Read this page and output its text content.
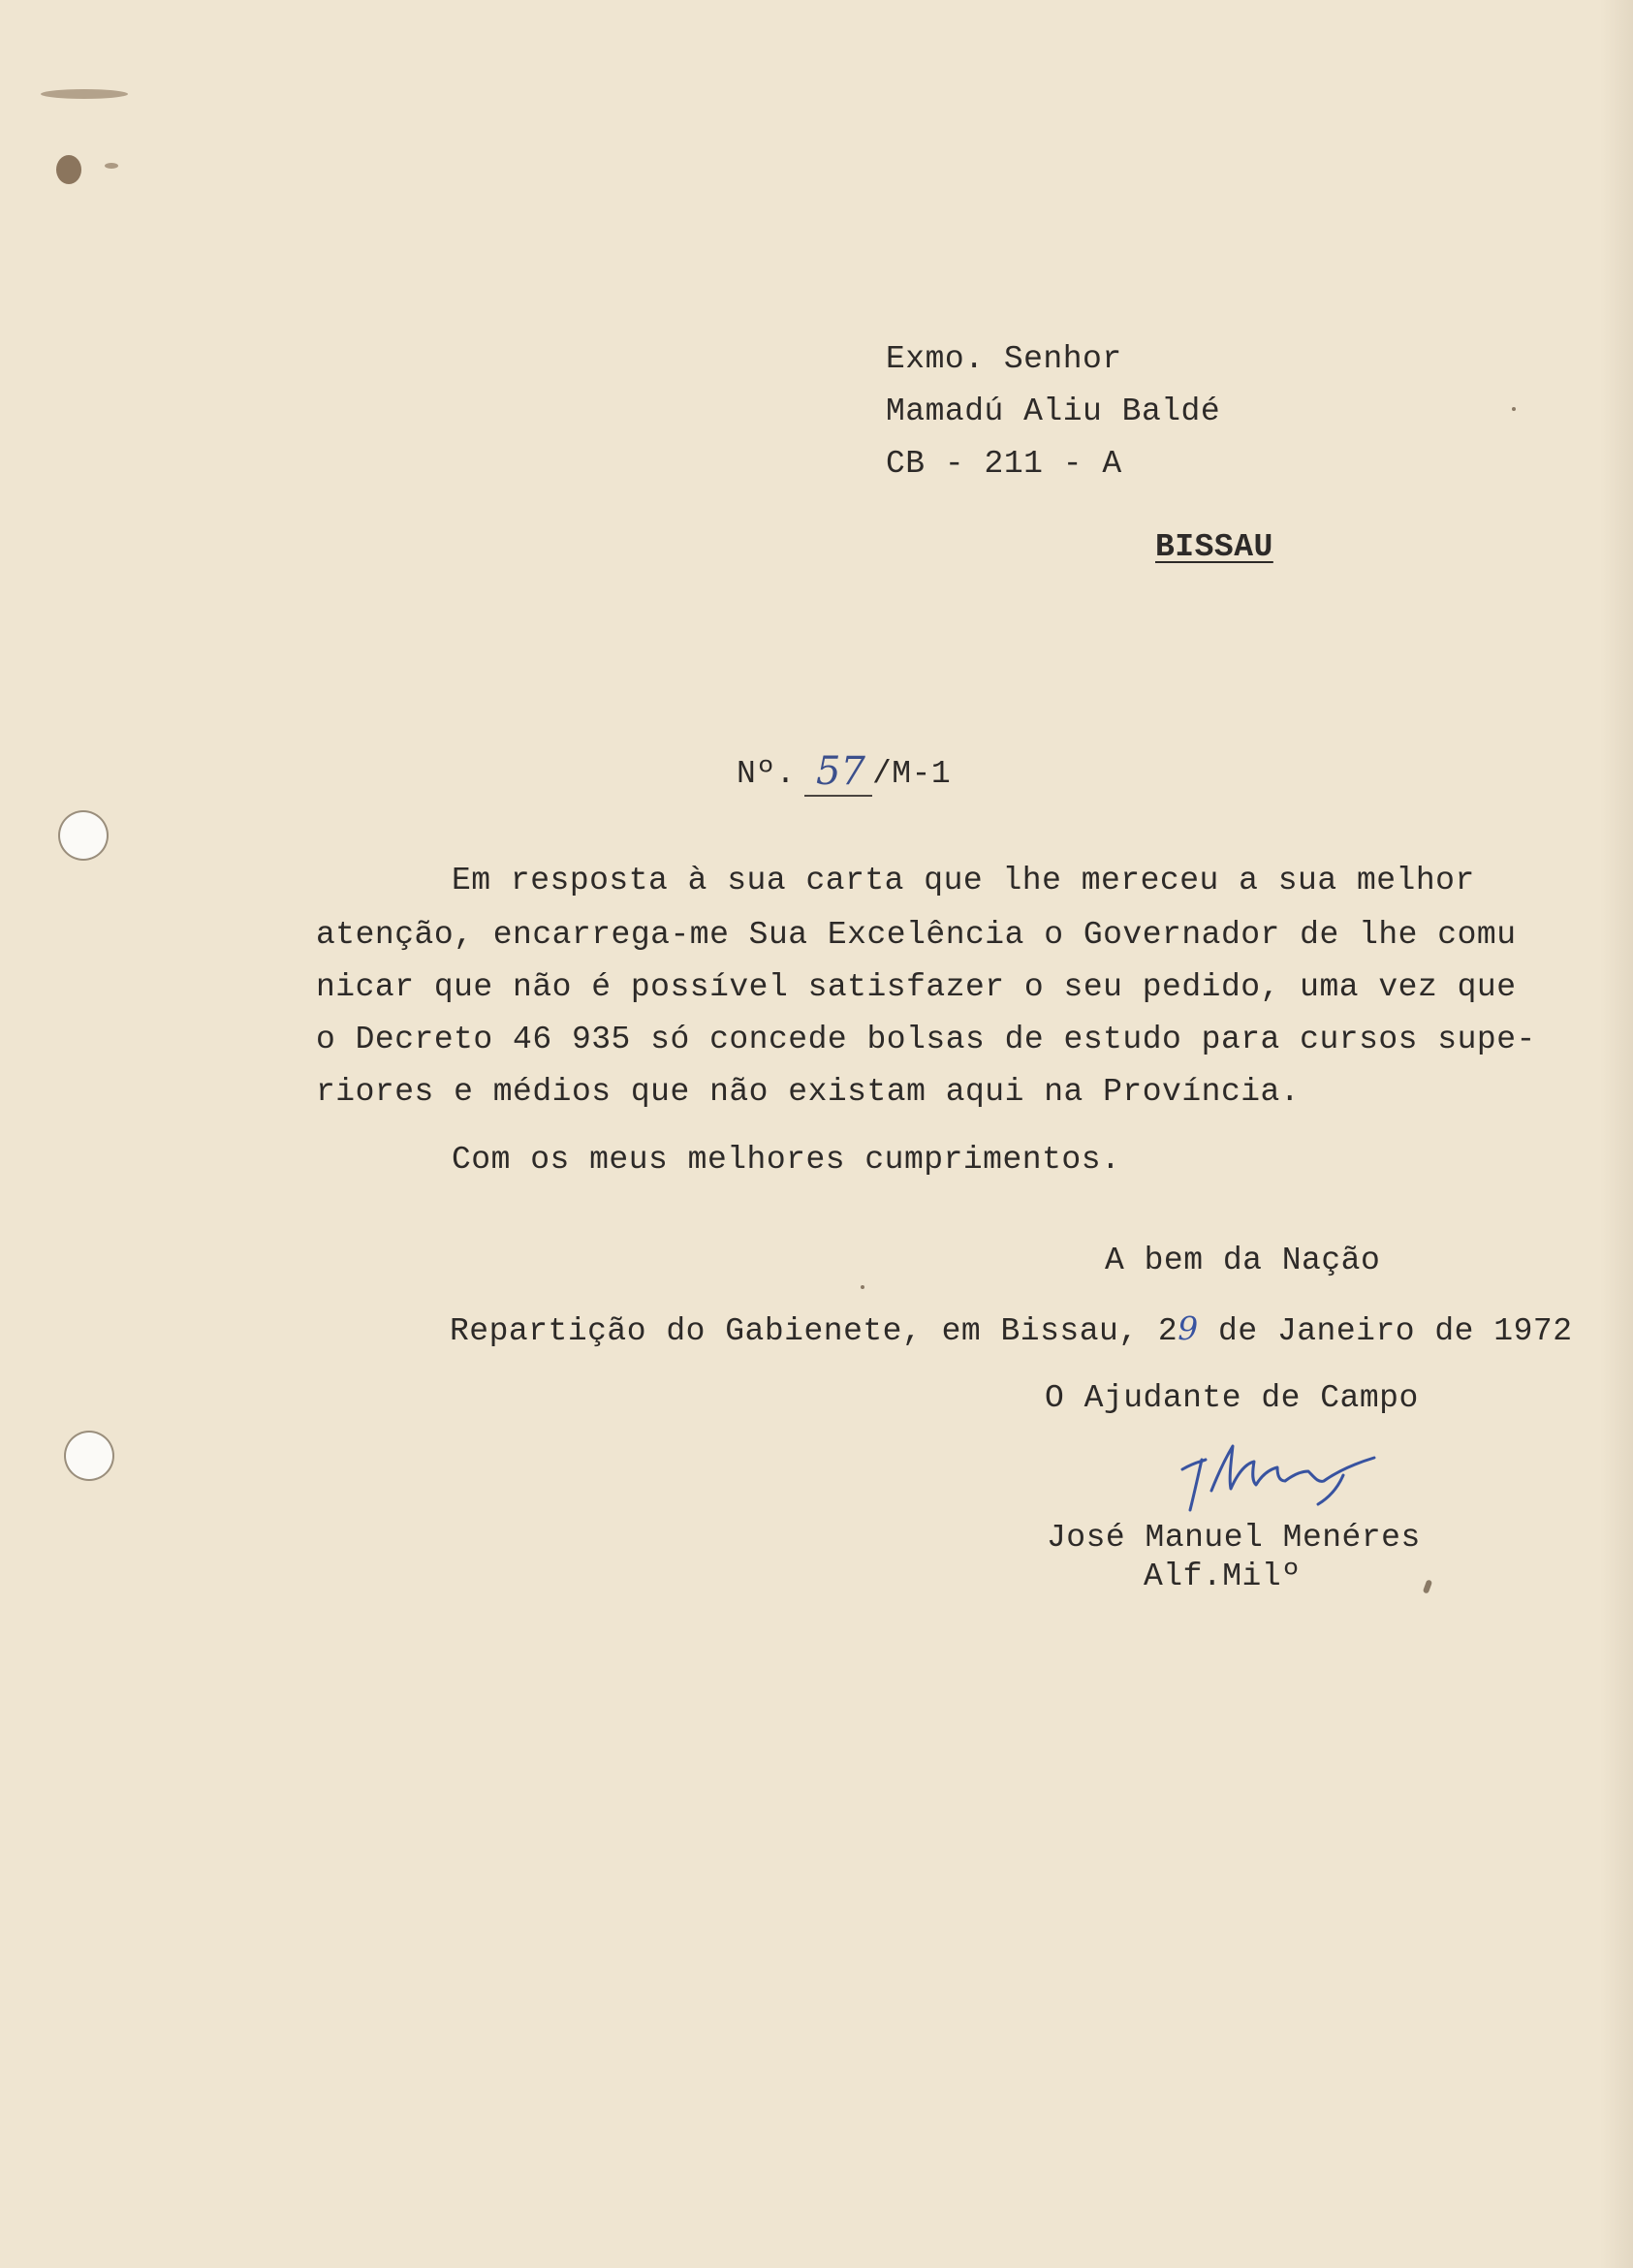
Exmo. Senhor
Mamadú Aliu Baldé
CB - 211 - A
BISSAU
Nº. 57 /M-1
Em resposta à sua carta que lhe mereceu a sua melhor
atenção, encarrega-me Sua Excelência o Governador de lhe comu
nicar que não é possível satisfazer o seu pedido, uma vez que
o Decreto 46 935 só concede bolsas de estudo para cursos supe-
riores e médios que não existam aqui na Província.
Com os meus melhores cumprimentos.
A bem da Nação
Repartição do Gabienete, em Bissau, 29 de Janeiro de 1972
O Ajudante de Campo
José Manuel Menéres
Alf.Milº
